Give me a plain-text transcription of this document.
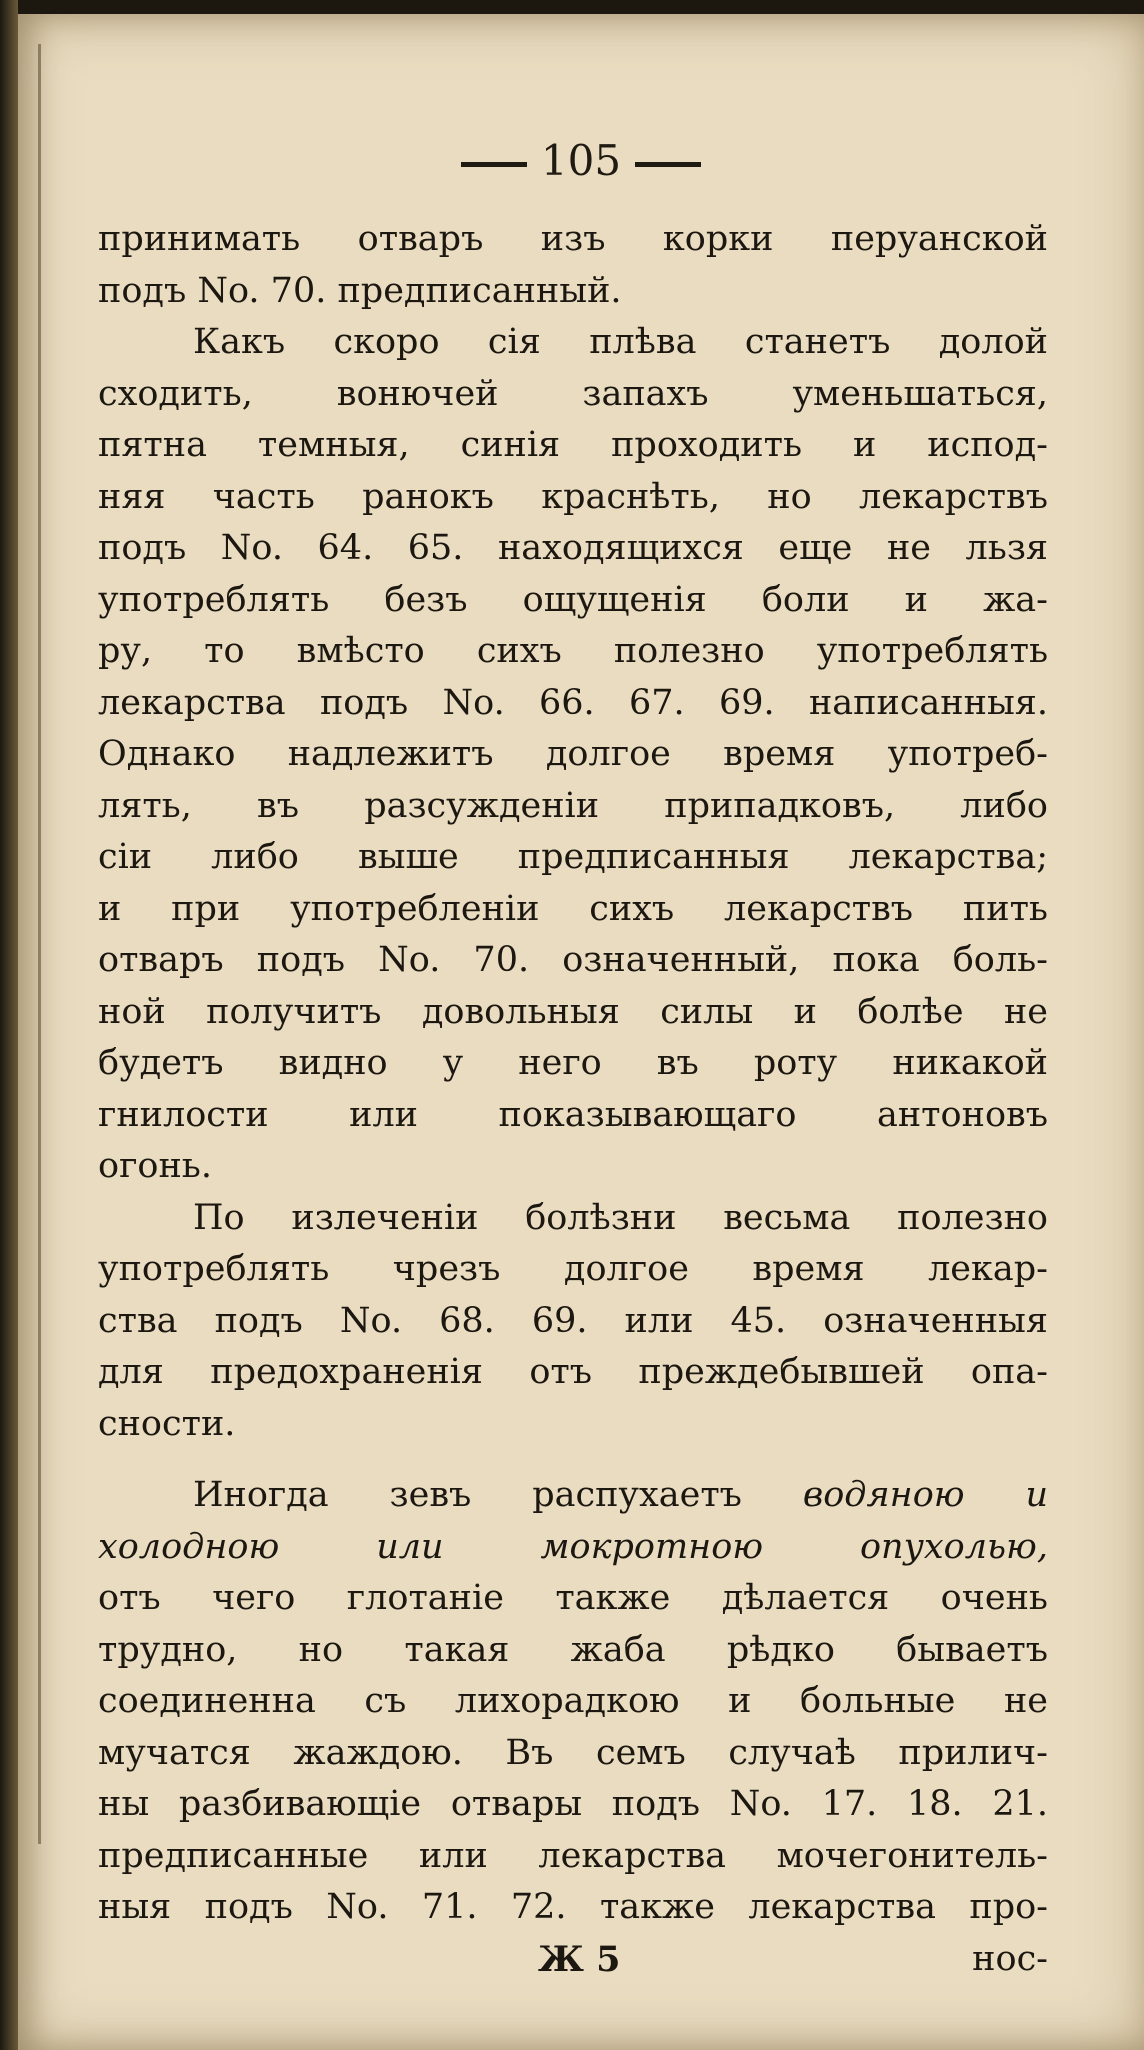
105
принимать отваръ изъ корки перуанской
подъ No. 70. предписанный.
Какъ скоро сія плѣва станетъ долой
сходить, вонючей запахъ уменьшаться,
пятна темныя, синія проходить и испод-
няя часть ранокъ краснѣть, но лекарствъ
подъ No. 64. 65. находящихся еще не льзя
употреблять безъ ощущенія боли и жа-
ру, то вмѣсто сихъ полезно употреблять
лекарства подъ No. 66. 67. 69. написанныя.
Однако надлежитъ долгое время употреб-
лять, въ разсужденіи припадковъ, либо
сіи либо выше предписанныя лекарства;
и при употребленіи сихъ лекарствъ пить
отваръ подъ No. 70. означенный, пока боль-
ной получитъ довольныя силы и болѣе не
будетъ видно у него въ роту никакой
гнилости или показывающаго антоновъ
огонь.
По излеченіи болѣзни весьма полезно
употреблять чрезъ долгое время лекар-
ства подъ No. 68. 69. или 45. означенныя
для предохраненія отъ преждебывшей опа-
сности.
Иногда зевъ распухаетъ водяною и
холодною или мокротною опухолью,
отъ чего глотаніе также дѣлается очень
трудно, но такая жаба рѣдко бываетъ
соединенна съ лихорадкою и больные не
мучатся жаждою. Въ семъ случаѣ прилич-
ны разбивающіе отвары подъ No. 17. 18. 21.
предписанные или лекарства мочегонитель-
ныя подъ No. 71. 72. также лекарства про-
Ж 5	нос-
